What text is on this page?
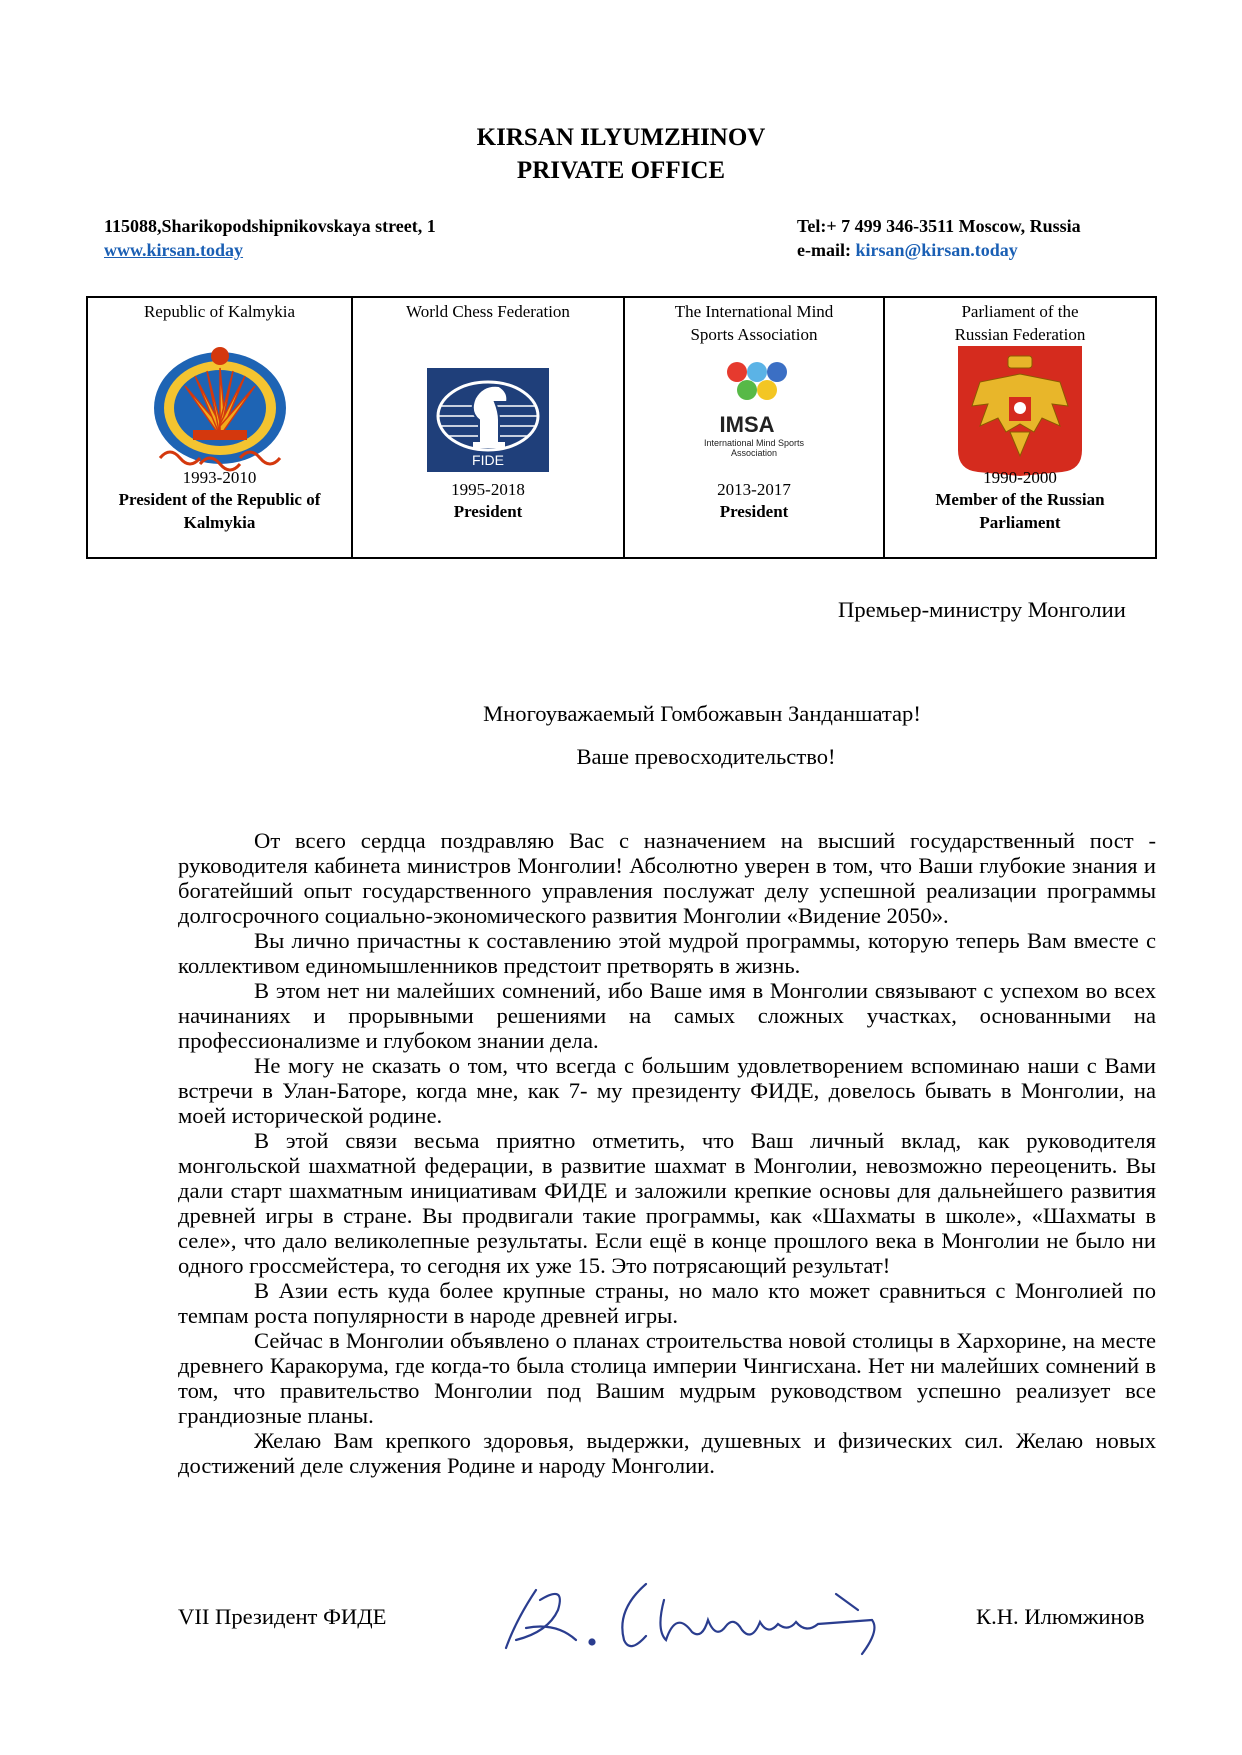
KIRSAN ILYUMZHINOV
PRIVATE OFFICE
115088,Sharikopodshipnikovskaya street, 1
www.kirsan.today
Tel:+ 7 499 346-3511 Moscow, Russia
e-mail: kirsan@kirsan.today
Republic of Kalmykia
1993-2010
President of the Republic of Kalmykia

World Chess Federation
FIDE
1995-2018
President

The International Mind Sports Association
IMSA
International Mind Sports Association
2013-2017
President

Parliament of the Russian Federation
1990-2000
Member of the Russian Parliament
Премьер-министру Монголии
Многоуважаемый Гомбожавын Занданшатар!
Ваше превосходительство!

От всего сердца поздравляю Вас с назначением на высший государственный пост - руководителя кабинета министров Монголии! Абсолютно уверен в том, что Ваши глубокие знания и богатейший опыт государственного управления послужат делу успешной реализации программы долгосрочного социально-экономического развития Монголии «Видение 2050».

Вы лично причастны к составлению этой мудрой программы, которую теперь Вам вместе с коллективом единомышленников предстоит претворять в жизнь.

В этом нет ни малейших сомнений, ибо Ваше имя в Монголии связывают с успехом во всех начинаниях и прорывными решениями на самых сложных участках, основанными на профессионализме и глубоком знании дела.

Не могу не сказать о том, что всегда с большим удовлетворением вспоминаю наши с Вами встречи в Улан-Баторе, когда мне, как 7- му президенту ФИДЕ, довелось бывать в Монголии, на моей исторической родине.

В этой связи весьма приятно отметить, что Ваш личный вклад, как руководителя монгольской шахматной федерации, в развитие шахмат в Монголии, невозможно переоценить. Вы дали старт шахматным инициативам ФИДЕ и заложили крепкие основы для дальнейшего развития древней игры в стране. Вы продвигали такие программы, как «Шахматы в школе», «Шахматы в селе», что дало великолепные результаты. Если ещё в конце прошлого века в Монголии не было ни одного гроссмейстера, то сегодня их уже 15. Это потрясающий результат!

В Азии есть куда более крупные страны, но мало кто может сравниться с Монголией по темпам роста популярности в народе древней игры.

Сейчас в Монголии объявлено о планах строительства новой столицы в Хархорине, на месте древнего Каракорума, где когда-то была столица империи Чингисхана. Нет ни малейших сомнений в том, что правительство Монголии под Вашим мудрым руководством успешно реализует все грандиозные планы.

Желаю Вам крепкого здоровья, выдержки, душевных и физических сил. Желаю новых достижений деле служения Родине и народу Монголии.

VII Президент ФИДЕ	К.Н. Илюмжинов
